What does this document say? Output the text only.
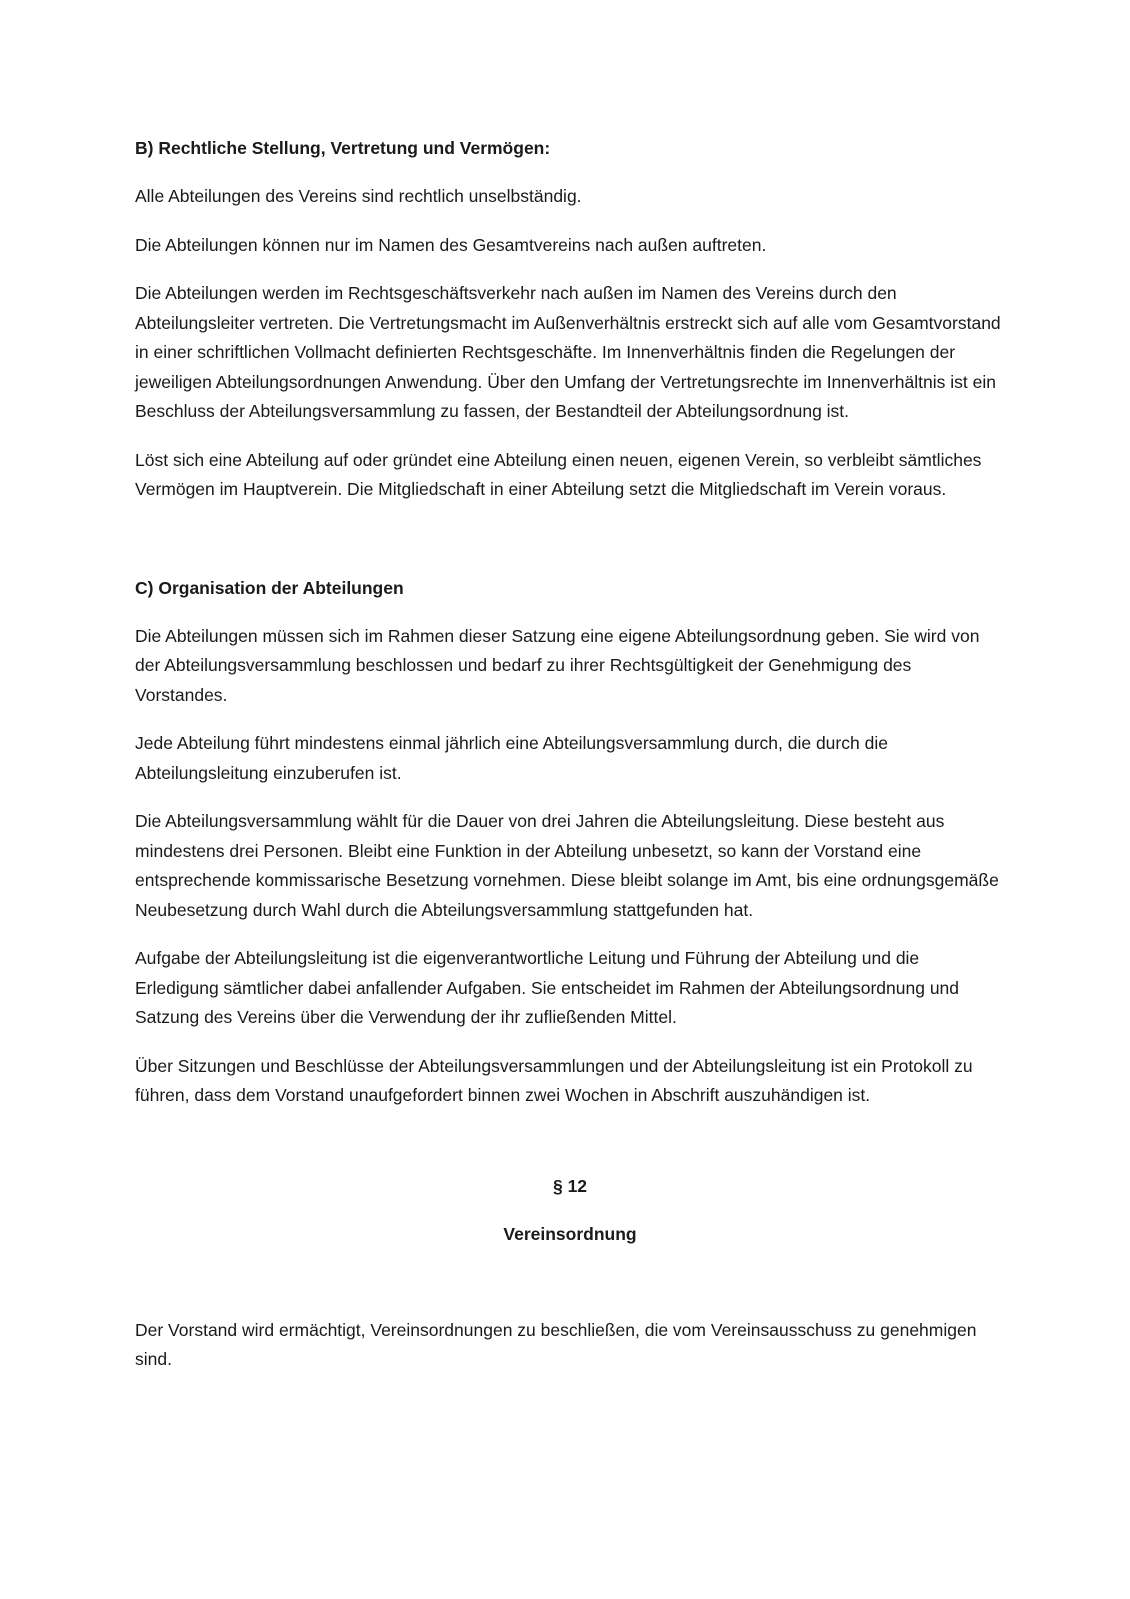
B) Rechtliche Stellung, Vertretung und Vermögen:

Alle Abteilungen des Vereins sind rechtlich unselbständig.

Die Abteilungen können nur im Namen des Gesamtvereins nach außen auftreten.

Die Abteilungen werden im Rechtsgeschäftsverkehr nach außen im Namen des Vereins durch den Abteilungsleiter vertreten. Die Vertretungsmacht im Außenverhältnis erstreckt sich auf alle vom Gesamtvorstand in einer schriftlichen Vollmacht definierten Rechtsgeschäfte. Im Innenverhältnis finden die Regelungen der jeweiligen Abteilungsordnungen Anwendung. Über den Umfang der Vertretungsrechte im Innenverhältnis ist ein Beschluss der Abteilungsversammlung zu fassen, der Bestandteil der Abteilungsordnung ist.

Löst sich eine Abteilung auf oder gründet eine Abteilung einen neuen, eigenen Verein, so verbleibt sämtliches Vermögen im Hauptverein. Die Mitgliedschaft in einer Abteilung setzt die Mitgliedschaft im Verein voraus.

C) Organisation der Abteilungen

Die Abteilungen müssen sich im Rahmen dieser Satzung eine eigene Abteilungsordnung geben. Sie wird von der Abteilungsversammlung beschlossen und bedarf zu ihrer Rechtsgültigkeit der Genehmigung des Vorstandes.

Jede Abteilung führt mindestens einmal jährlich eine Abteilungsversammlung durch, die durch die Abteilungsleitung einzuberufen ist.

Die Abteilungsversammlung wählt für die Dauer von drei Jahren die Abteilungsleitung. Diese besteht aus mindestens drei Personen. Bleibt eine Funktion in der Abteilung unbesetzt, so kann der Vorstand eine entsprechende kommissarische Besetzung vornehmen. Diese bleibt solange im Amt, bis eine ordnungsgemäße Neubesetzung durch Wahl durch die Abteilungsversammlung stattgefunden hat.

Aufgabe der Abteilungsleitung ist die eigenverantwortliche Leitung und Führung der Abteilung und die Erledigung sämtlicher dabei anfallender Aufgaben. Sie entscheidet im Rahmen der Abteilungsordnung und Satzung des Vereins über die Verwendung der ihr zufließenden Mittel.

Über Sitzungen und Beschlüsse der Abteilungsversammlungen und der Abteilungsleitung ist ein Protokoll zu führen, dass dem Vorstand unaufgefordert binnen zwei Wochen in Abschrift auszuhändigen ist.

§ 12
Vereinsordnung

Der Vorstand wird ermächtigt, Vereinsordnungen zu beschließen, die vom Vereinsausschuss zu genehmigen sind.
